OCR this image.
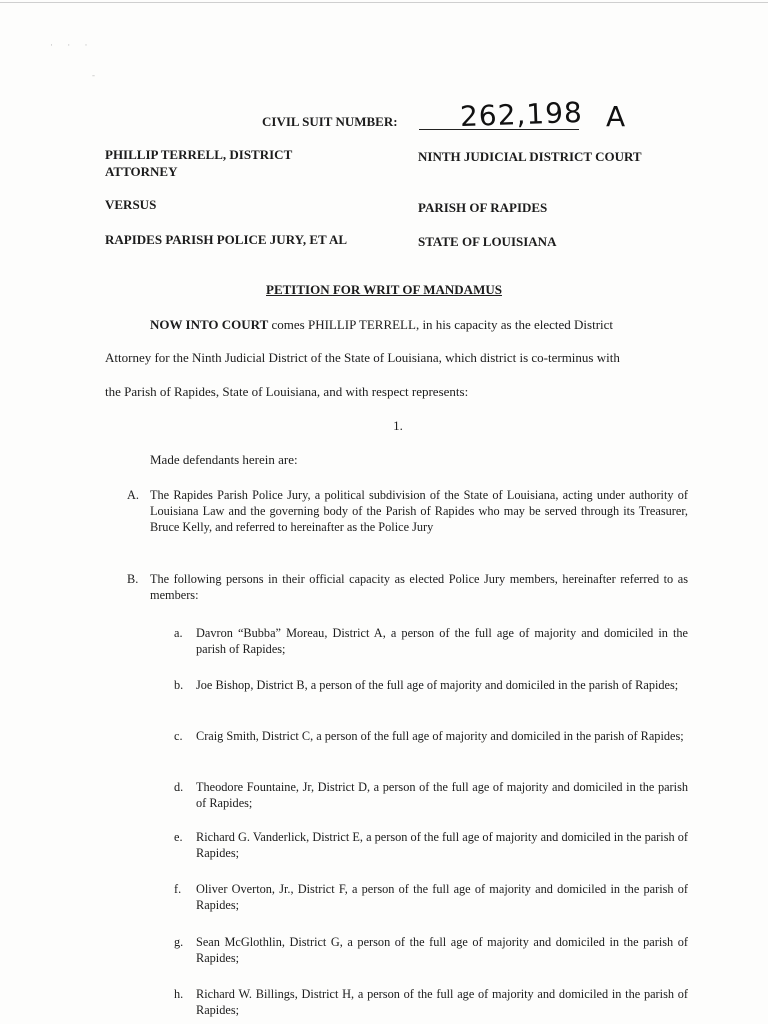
· · ·
-
CIVIL SUIT NUMBER: 262,198 A
PHILLIP TERRELL, DISTRICT ATTORNEY
NINTH JUDICIAL DISTRICT COURT
VERSUS	PARISH OF RAPIDES
RAPIDES PARISH POLICE JURY, ET AL	STATE OF LOUISIANA
PETITION FOR WRIT OF MANDAMUS
NOW INTO COURT comes PHILLIP TERRELL, in his capacity as the elected District
Attorney for the Ninth Judicial District of the State of Louisiana, which district is co-terminus with
the Parish of Rapides, State of Louisiana, and with respect represents:
1.
Made defendants herein are:
A. The Rapides Parish Police Jury, a political subdivision of the State of Louisiana, acting under authority of Louisiana Law and the governing body of the Parish of Rapides who may be served through its Treasurer, Bruce Kelly, and referred to hereinafter as the Police Jury
B. The following persons in their official capacity as elected Police Jury members, hereinafter referred to as members:
a. Davron “Bubba” Moreau, District A, a person of the full age of majority and domiciled in the parish of Rapides;
b. Joe Bishop, District B, a person of the full age of majority and domiciled in the parish of Rapides;
c. Craig Smith, District C, a person of the full age of majority and domiciled in the parish of Rapides;
d. Theodore Fountaine, Jr, District D, a person of the full age of majority and domiciled in the parish of Rapides;
e. Richard G. Vanderlick, District E, a person of the full age of majority and domiciled in the parish of Rapides;
f. Oliver Overton, Jr., District F, a person of the full age of majority and domiciled in the parish of Rapides;
g. Sean McGlothlin, District G, a person of the full age of majority and domiciled in the parish of Rapides;
h. Richard W. Billings, District H, a person of the full age of majority and domiciled in the parish of Rapides;
